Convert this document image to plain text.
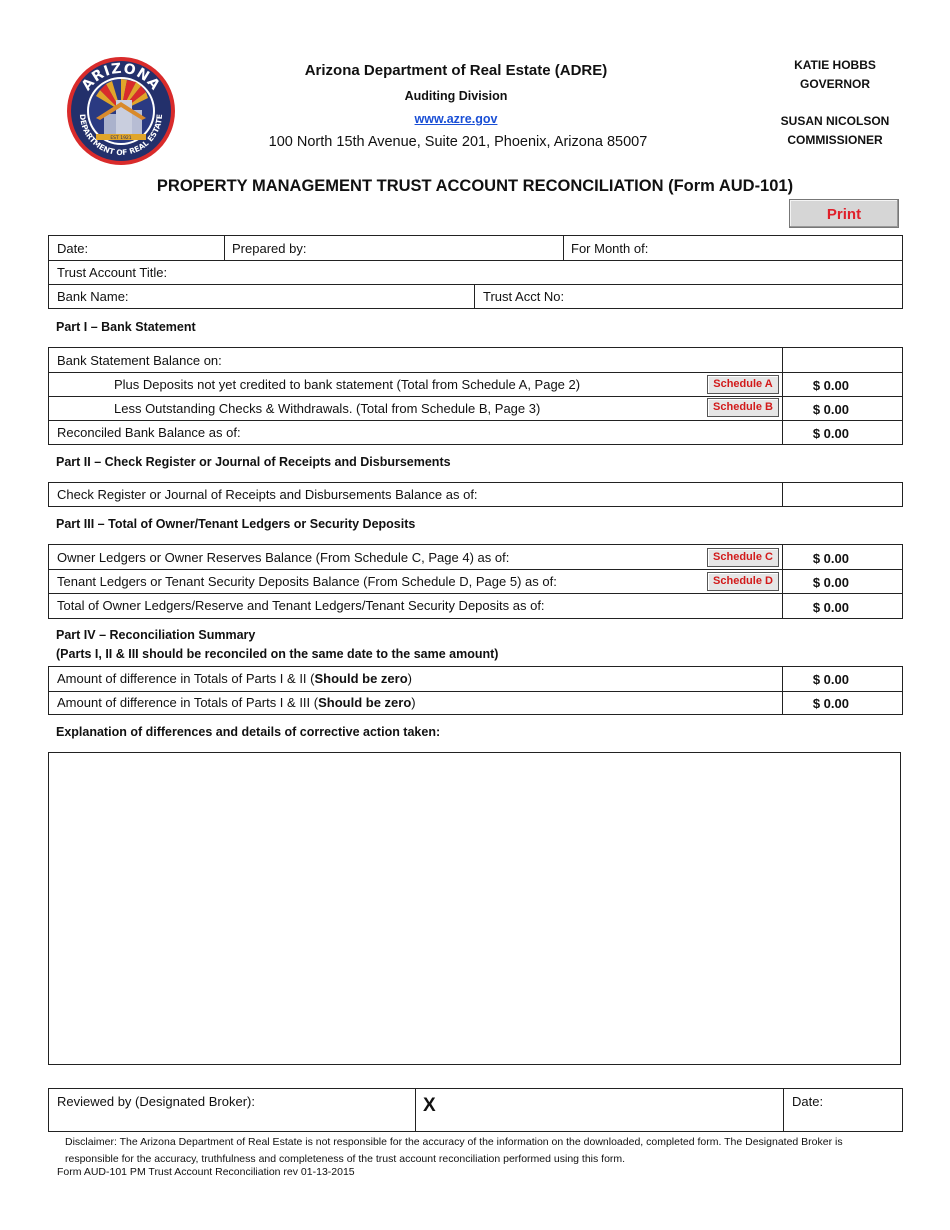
EST 1921
ARIZONA
DEPARTMENT OF REAL ESTATE
Arizona Department of Real Estate (ADRE)
Auditing Division
www.azre.gov
100 North 15th Avenue, Suite 201, Phoenix, Arizona 85007
KATIE HOBBS
GOVERNOR
SUSAN NICOLSON
COMMISSIONER
PROPERTY MANAGEMENT TRUST ACCOUNT RECONCILIATION (Form AUD-101)
Print
Date:	Prepared by:	For Month of:
Trust Account Title:
Bank Name:	Trust Acct No:
Part I – Bank Statement
Bank Statement Balance on:
Plus Deposits not yet credited to bank statement (Total from Schedule A, Page 2)	Schedule A	$ 0.00
Less Outstanding Checks & Withdrawals. (Total from Schedule B, Page 3)	Schedule B	$ 0.00
Reconciled Bank Balance as of:	$ 0.00
Part II – Check Register or Journal of Receipts and Disbursements
Check Register or Journal of Receipts and Disbursements Balance as of:
Part III – Total of Owner/Tenant Ledgers or Security Deposits
Owner Ledgers or Owner Reserves Balance (From Schedule C, Page 4) as of:	Schedule C	$ 0.00
Tenant Ledgers or Tenant Security Deposits Balance (From Schedule D, Page 5) as of:	Schedule D	$ 0.00
Total of Owner Ledgers/Reserve and Tenant Ledgers/Tenant Security Deposits as of:	$ 0.00
Part IV – Reconciliation Summary
(Parts I, II & III should be reconciled on the same date to the same amount)
Amount of difference in Totals of Parts I & II (Should be zero)	$ 0.00
Amount of difference in Totals of Parts I & III (Should be zero)	$ 0.00
Explanation of differences and details of corrective action taken:
Reviewed by (Designated Broker):	X	Date:
Disclaimer: The Arizona Department of Real Estate is not responsible for the accuracy of the information on the downloaded, completed form. The Designated Broker is
responsible for the accuracy, truthfulness and completeness of the trust account reconciliation performed using this form.
Form AUD-101 PM Trust Account Reconciliation rev 01-13-2015
